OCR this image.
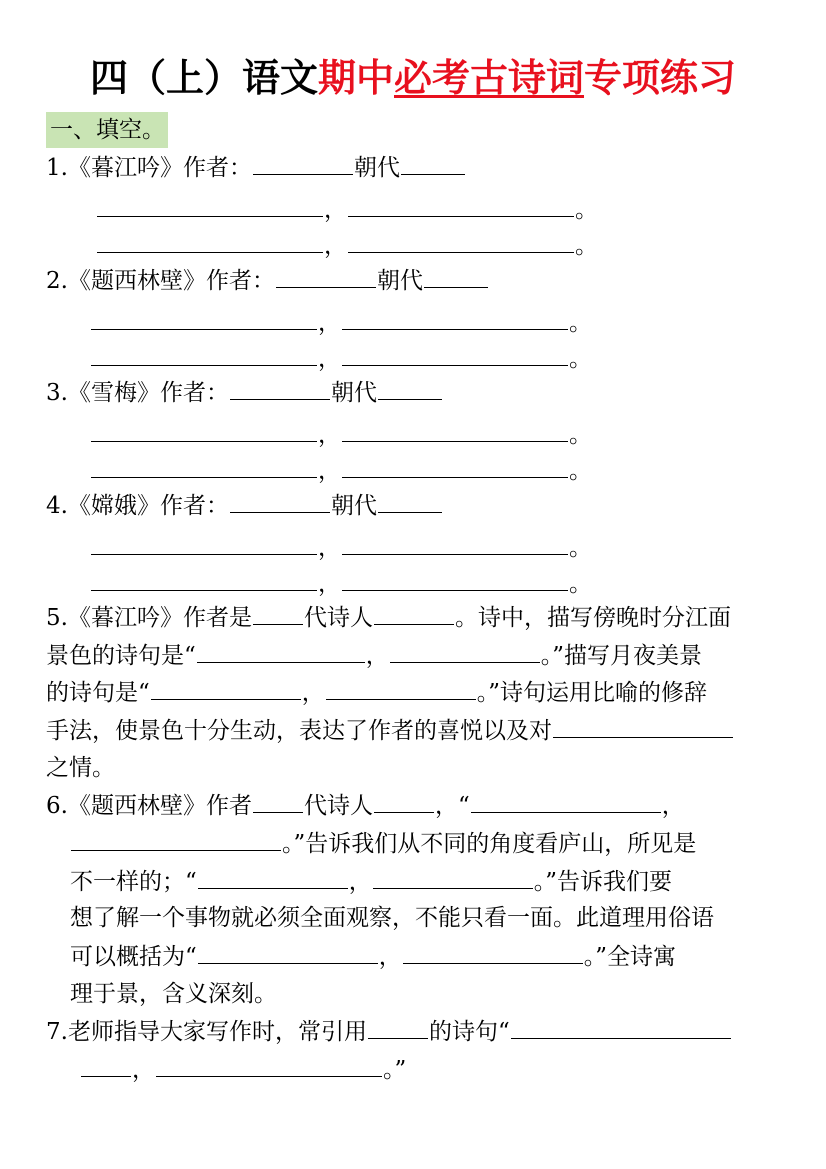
四（上）语文期中必考古诗词专项练习
一、填空。
1.《暮江吟》作者：	朝代
，	。
，	。
2.《题西林壁》作者：	朝代
，	。
，	。
3.《雪梅》作者：	朝代
，	。
，	。
4.《嫦娥》作者：	朝代
，	。
，	。
5.《暮江吟》作者是 代诗人	。诗中，描写傍晚时分江面
景色的诗句是“	，	。”描写月夜美景
的诗句是“	，	。”诗句运用比喻的修辞
手法，使景色十分生动，表达了作者的喜悦以及对
之情。
6.《题西林壁》作者 代诗人	，“	，
。”告诉我们从不同的角度看庐山，所见是
不一样的；“	，	。”告诉我们要
想了解一个事物就必须全面观察，不能只看一面。此道理用俗语
可以概括为“	，	。”全诗寓
理于景，含义深刻。
7.老师指导大家写作时，常引用	的诗句“
，	。”
